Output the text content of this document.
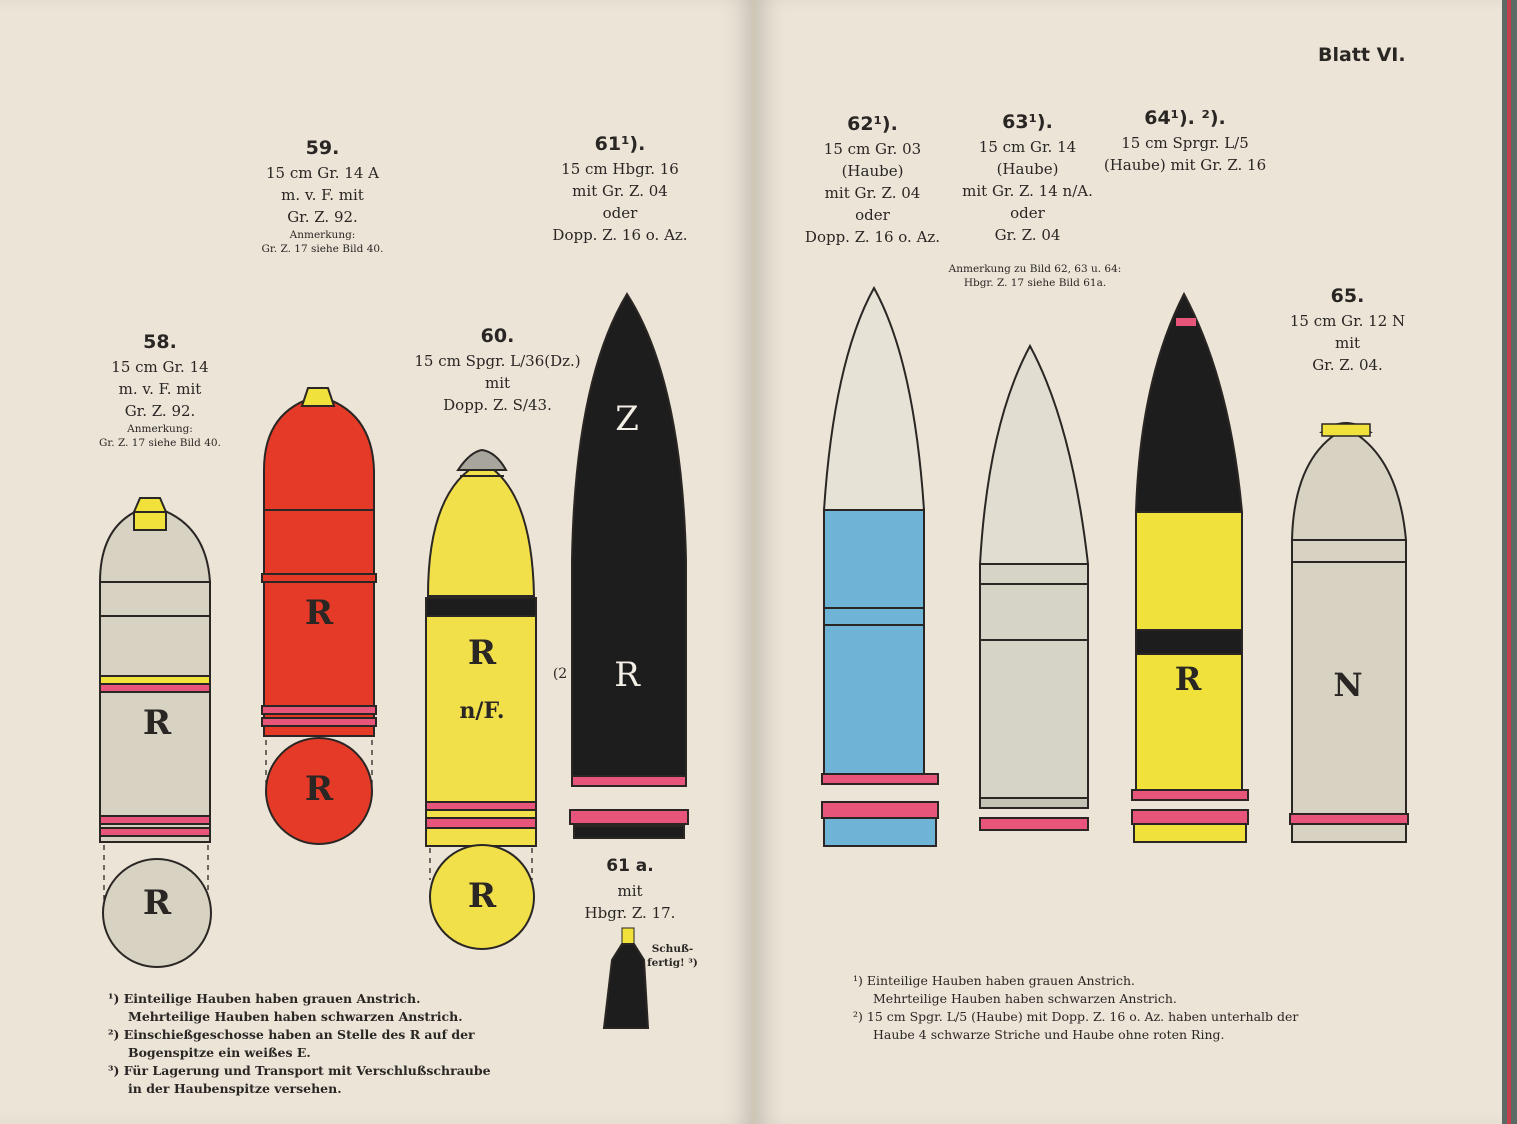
Blatt VI.
58.
15 cm Gr. 14
m. v. F. mit
Gr. Z. 92.
Anmerkung:
Gr. Z. 17 siehe Bild 40.
59.
15 cm Gr. 14 A
m. v. F. mit
Gr. Z. 92.
Anmerkung:
Gr. Z. 17 siehe Bild 40.
60.
15 cm Spgr. L/36(Dz.)
mit
Dopp. Z. S/43.
61¹).
15 cm Hbgr. 16
mit Gr. Z. 04
oder
Dopp. Z. 16 o. Az.
62¹).
15 cm Gr. 03
(Haube)
mit Gr. Z. 04
oder
Dopp. Z. 16 o. Az.
63¹).
15 cm Gr. 14
(Haube)
mit Gr. Z. 14 n/A.
oder
Gr. Z. 04
64¹). ²).
15 cm Sprgr. L/5
(Haube) mit Gr. Z. 16
65.
15 cm Gr. 12 N
mit
Gr. Z. 04.
Anmerkung zu Bild 62, 63 u. 64:
Hbgr. Z. 17 siehe Bild 61a.
61 a.
mit
Hbgr. Z. 17.
Schuß-fertig! ³)
R
R
R
R
R
n/F.
R
Z
R
(2	R	N
¹) Einteilige Hauben haben grauen Anstrich.
Mehrteilige Hauben haben schwarzen Anstrich.
²) Einschießgeschosse haben an Stelle des R auf der
Bogenspitze ein weißes E.
³) Für Lagerung und Transport mit Verschlußschraube
in der Haubenspitze versehen.
¹) Einteilige Hauben haben grauen Anstrich.
Mehrteilige Hauben haben schwarzen Anstrich.
²) 15 cm Spgr. L/5 (Haube) mit Dopp. Z. 16 o. Az. haben unterhalb der
Haube 4 schwarze Striche und Haube ohne roten Ring.
